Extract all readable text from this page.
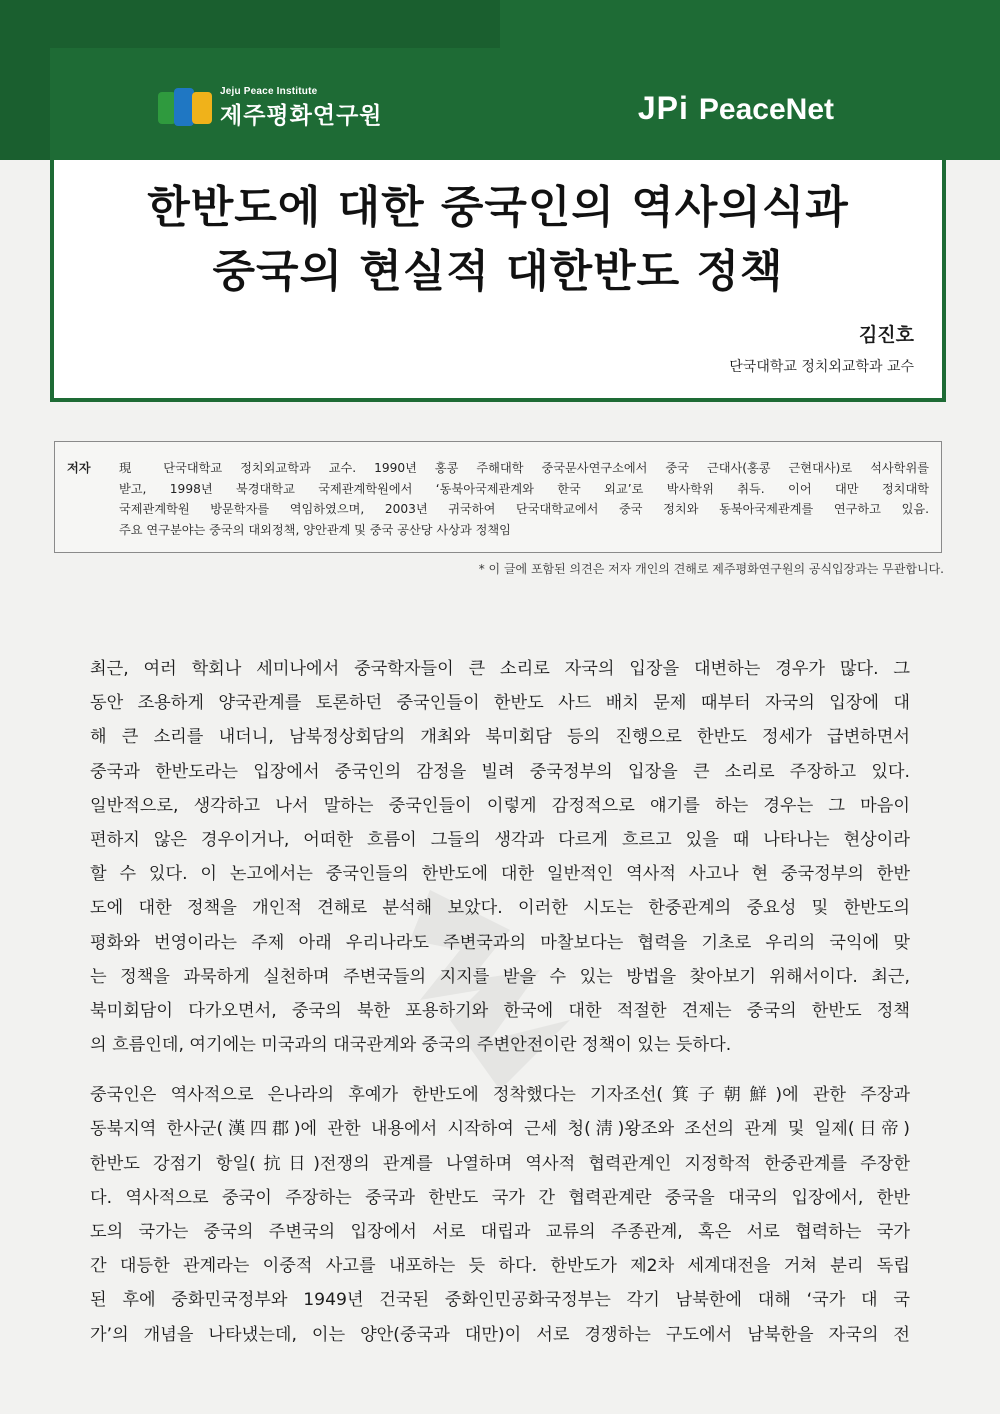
Jeju Peace Institute
제주평화연구원	JPi PeaceNet
한반도에 대한 중국인의 역사의식과
중국의 현실적 대한반도 정책
김진호
단국대학교 정치외교학과 교수
저자 現 단국대학교 정치외교학과 교수. 1990년 홍콩 주해대학 중국문사연구소에서 중국 근대사(홍콩 근현대사)로 석사학위를
받고, 1998년 북경대학교 국제관계학원에서 ‘동북아국제관계와 한국 외교’로 박사학위 취득. 이어 대만 정치대학
국제관계학원 방문학자를 역임하였으며, 2003년 귀국하여 단국대학교에서 중국 정치와 동북아국제관계를 연구하고 있음.
주요 연구분야는 중국의 대외정책, 양안관계 및 중국 공산당 사상과 정책임
* 이 글에 포함된 의견은 저자 개인의 견해로 제주평화연구원의 공식입장과는 무관합니다.
최근, 여러 학회나 세미나에서 중국학자들이 큰 소리로 자국의 입장을 대변하는 경우가 많다. 그
동안 조용하게 양국관계를 토론하던 중국인들이 한반도 사드 배치 문제 때부터 자국의 입장에 대
해 큰 소리를 내더니, 남북정상회담의 개최와 북미회담 등의 진행으로 한반도 정세가 급변하면서
중국과 한반도라는 입장에서 중국인의 감정을 빌려 중국정부의 입장을 큰 소리로 주장하고 있다.
일반적으로, 생각하고 나서 말하는 중국인들이 이렇게 감정적으로 얘기를 하는 경우는 그 마음이
편하지 않은 경우이거나, 어떠한 흐름이 그들의 생각과 다르게 흐르고 있을 때 나타나는 현상이라
할 수 있다. 이 논고에서는 중국인들의 한반도에 대한 일반적인 역사적 사고나 현 중국정부의 한반
도에 대한 정책을 개인적 견해로 분석해 보았다. 이러한 시도는 한중관계의 중요성 및 한반도의
평화와 번영이라는 주제 아래 우리나라도 주변국과의 마찰보다는 협력을 기초로 우리의 국익에 맞
는 정책을 과묵하게 실천하며 주변국들의 지지를 받을 수 있는 방법을 찾아보기 위해서이다. 최근,
북미회담이 다가오면서, 중국의 북한 포용하기와 한국에 대한 적절한 견제는 중국의 한반도 정책
의 흐름인데, 여기에는 미국과의 대국관계와 중국의 주변안전이란 정책이 있는 듯하다.
중국인은 역사적으로 은나라의 후예가 한반도에 정착했다는 기자조선(箕子朝鮮)에 관한 주장과
동북지역 한사군(漢四郡)에 관한 내용에서 시작하여 근세 청(淸)왕조와 조선의 관계 및 일제(日帝)
한반도 강점기 항일(抗日)전쟁의 관계를 나열하며 역사적 협력관계인 지정학적 한중관계를 주장한
다. 역사적으로 중국이 주장하는 중국과 한반도 국가 간 협력관계란 중국을 대국의 입장에서, 한반
도의 국가는 중국의 주변국의 입장에서 서로 대립과 교류의 주종관계, 혹은 서로 협력하는 국가
간 대등한 관계라는 이중적 사고를 내포하는 듯 하다. 한반도가 제2차 세계대전을 거쳐 분리 독립
된 후에 중화민국정부와 1949년 건국된 중화인민공화국정부는 각기 남북한에 대해 ‘국가 대 국
가’의 개념을 나타냈는데, 이는 양안(중국과 대만)이 서로 경쟁하는 구도에서 남북한을 자국의 전
